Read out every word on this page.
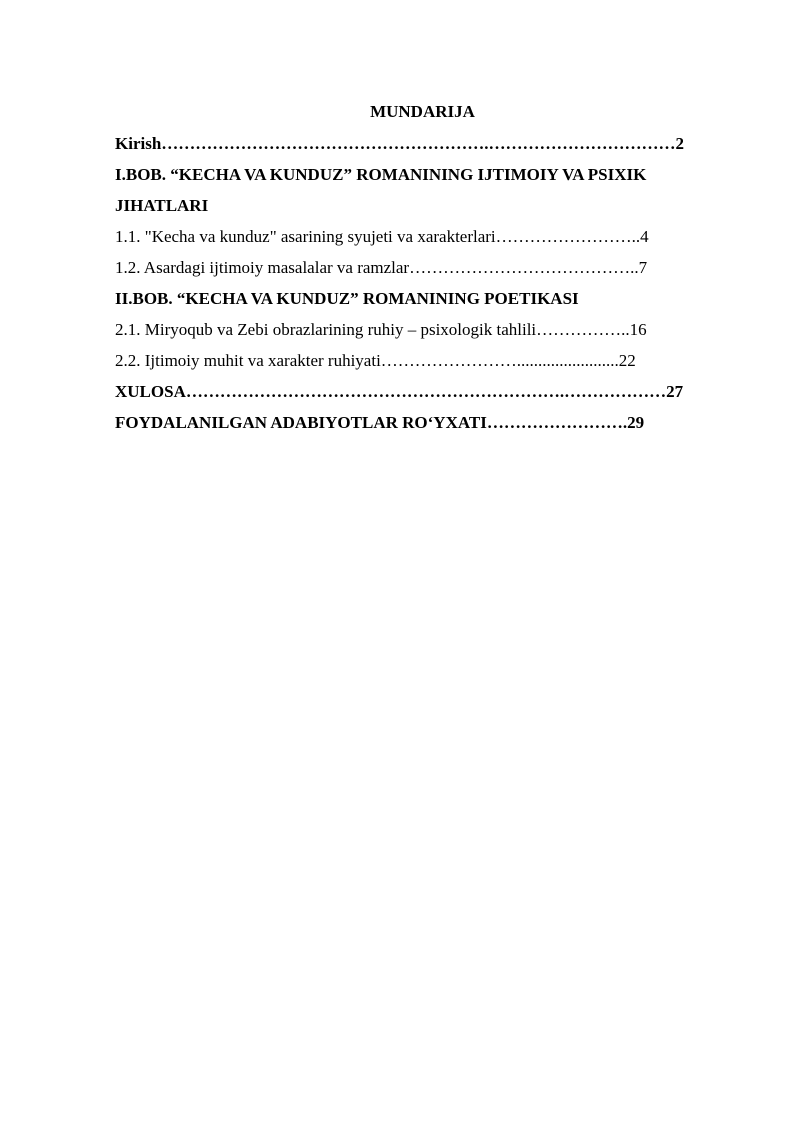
MUNDARIJA
Kirish………………………………………………….……………………………2
I.BOB. “KECHA VA KUNDUZ” ROMANINING IJTIMOIY VA PSIXIK
JIHATLARI
1.1. "Kecha va kunduz" asarining syujeti va xarakterlari……………………..4
1.2. Asardagi ijtimoiy masalalar va ramzlar…………………………………..7
II.BOB. “KECHA VA KUNDUZ” ROMANINING POETIKASI
2.1. Miryoqub va Zebi obrazlarining ruhiy – psixologik tahlili……………..16
2.2. Ijtimoiy muhit va xarakter ruhiyati……………………........................22
XULOSA………………………………………………………….………………27
FOYDALANILGAN ADABIYOTLAR RO‘YXATI…………………….29
